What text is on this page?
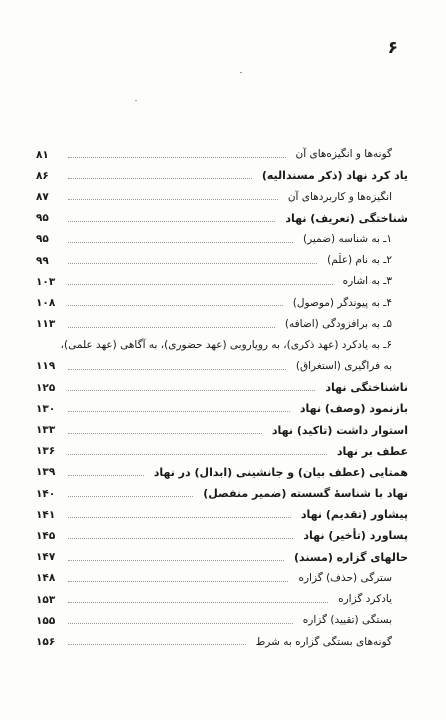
۶
گونه‌ها و انگیزه‌های آن
۸۱
یاد کرد نهاد (ذکر مسندالیه)
۸۶
انگیزه‌ها و کاربردهای آن
۸۷
شناختگی (تعریف) نهاد
۹۵
۱ـ به شناسه (ضمیر)
۹۵
۲ـ به نام (علَم)
۹۹
۳ـ به اشاره
۱۰۳
۴ـ به پیوندگر (موصول)
۱۰۸
۵ـ به برافزودگی (اضافه)
۱۱۳
۶ـ به یادکرد (عهد ذکری)، به رویاروبی (عهد حضوری)، به آگاهی (عهد علمی)،
به فراگیری (استغراق)
۱۱۹
ناشناختگی نهاد
۱۲۵
بازنمود (وصف) نهاد
۱۳۰
استوار داشت (تاکید) نهاد
۱۳۳
عطف بر نهاد
۱۳۶
همتایی (عطف بیان) و جانشینی (ابدال) در نهاد
۱۳۹
نهاد با شناسهٔ گسسته (ضمیر منفصل)
۱۴۰
پیشاور (تقدیم) نهاد
۱۴۱
پساورد (تأخیر) نهاد
۱۴۵
حالهای گزاره (مسند)
۱۴۷
سترگی (حذف) گزاره
۱۴۸
یادکرد گزاره
۱۵۳
بستگی (تقیید) گزاره
۱۵۵
گونه‌های بستگی گزاره به شرط
۱۵۶
